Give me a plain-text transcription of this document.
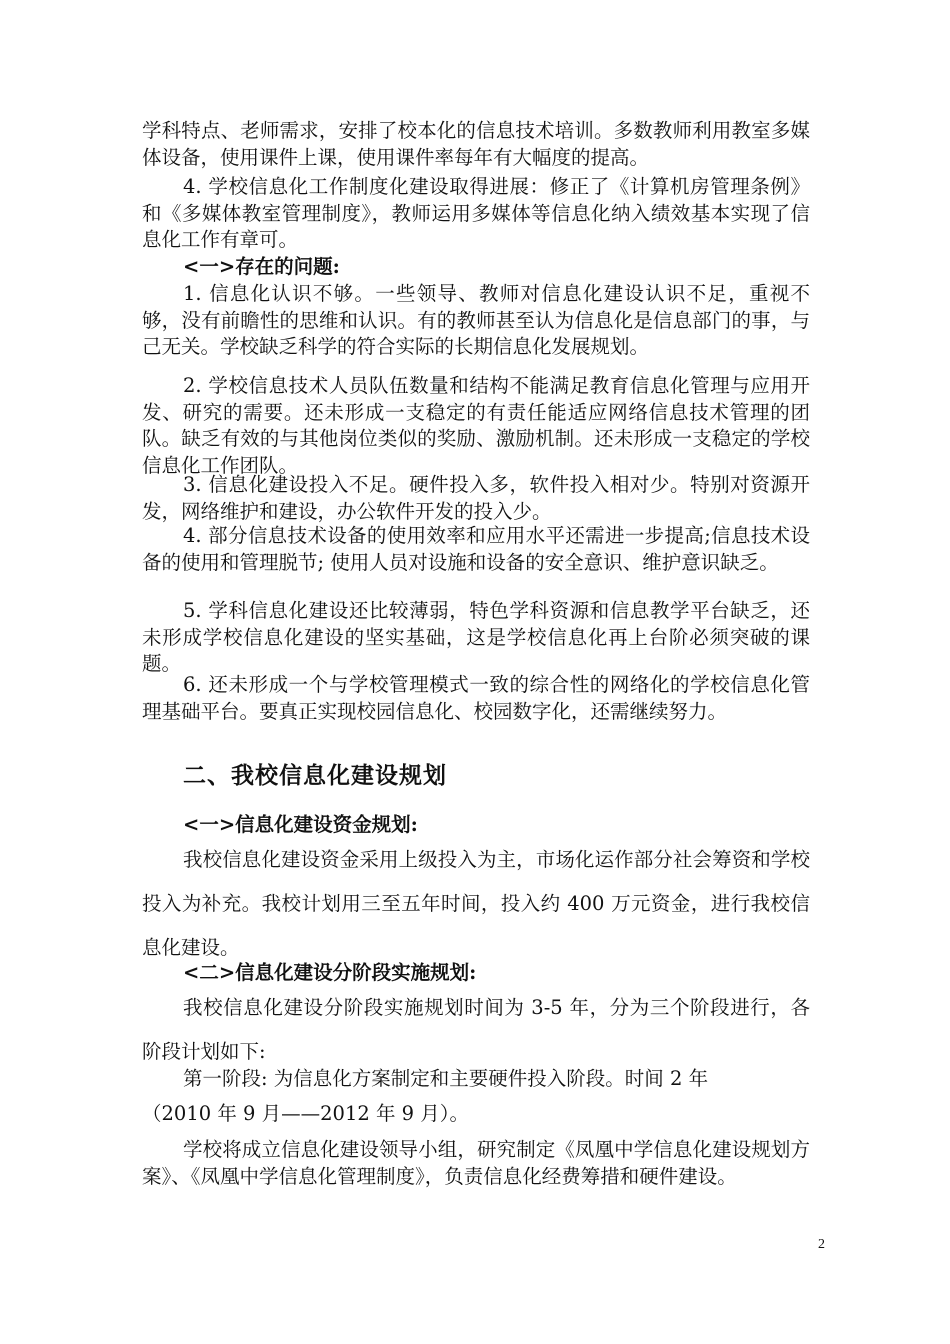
学科特点、老师需求，安排了校本化的信息技术培训。多数教师利用教室多媒体设备，使用课件上课，使用课件率每年有大幅度的提高。

4. 学校信息化工作制度化建设取得进展：修正了《计算机房管理条例》和《多媒体教室管理制度》，教师运用多媒体等信息化纳入绩效基本实现了信息化工作有章可。

<一>存在的问题:

1. 信息化认识不够。一些领导、教师对信息化建设认识不足，重视不够，没有前瞻性的思维和认识。有的教师甚至认为信息化是信息部门的事，与己无关。学校缺乏科学的符合实际的长期信息化发展规划。

2. 学校信息技术人员队伍数量和结构不能满足教育信息化管理与应用开发、研究的需要。还未形成一支稳定的有责任能适应网络信息技术管理的团队。缺乏有效的与其他岗位类似的奖励、激励机制。还未形成一支稳定的学校信息化工作团队。

3. 信息化建设投入不足。硬件投入多，软件投入相对少。特别对资源开发，网络维护和建设，办公软件开发的投入少。

4. 部分信息技术设备的使用效率和应用水平还需进一步提高;信息技术设备的使用和管理脱节; 使用人员对设施和设备的安全意识、维护意识缺乏。

5. 学科信息化建设还比较薄弱，特色学科资源和信息教学平台缺乏，还未形成学校信息化建设的坚实基础，这是学校信息化再上台阶必须突破的课题。

6. 还未形成一个与学校管理模式一致的综合性的网络化的学校信息化管理基础平台。要真正实现校园信息化、校园数字化，还需继续努力。

二、我校信息化建设规划
<一>信息化建设资金规划:

我校信息化建设资金采用上级投入为主，市场化运作部分社会筹资和学校投入为补充。我校计划用三至五年时间，投入约 400 万元资金，进行我校信息化建设。

<二>信息化建设分阶段实施规划:

我校信息化建设分阶段实施规划时间为 3-5 年，分为三个阶段进行，各阶段计划如下:

第一阶段: 为信息化方案制定和主要硬件投入阶段。时间 2 年

（2010 年 9 月——2012 年 9 月）。

学校将成立信息化建设领导小组，研究制定《凤凰中学信息化建设规划方案》、《凤凰中学信息化管理制度》，负责信息化经费筹措和硬件建设。

2
